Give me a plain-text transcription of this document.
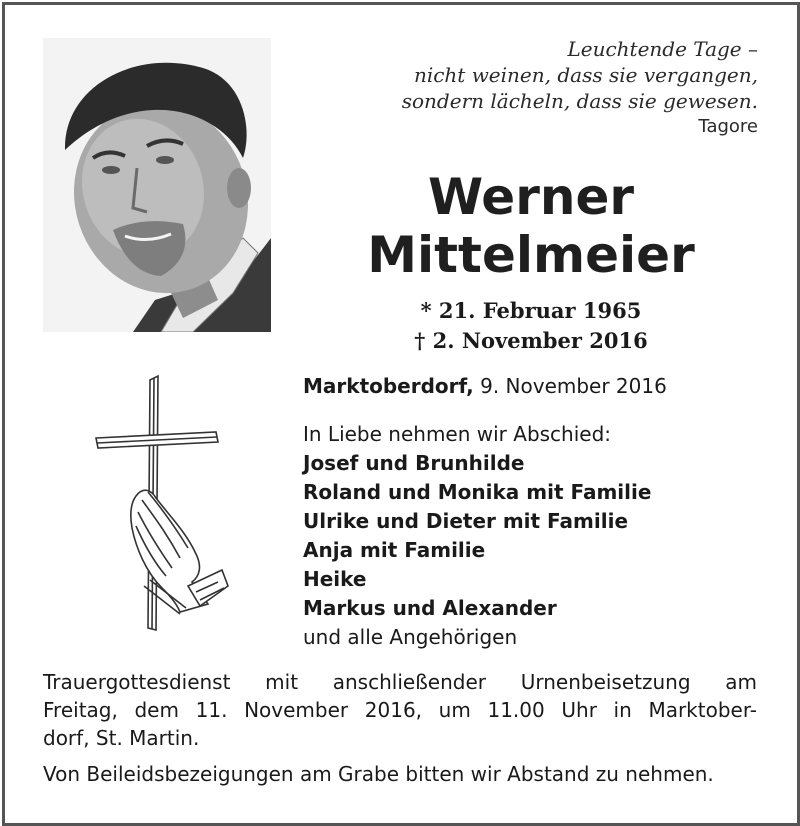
Leuchtende Tage –
nicht weinen, dass sie vergangen,
sondern lächeln, dass sie gewesen.
Tagore
Werner
Mittelmeier
* 21. Februar 1965
† 2. November 2016
Marktoberdorf, 9. November 2016
In Liebe nehmen wir Abschied:
Josef und Brunhilde
Roland und Monika mit Familie
Ulrike und Dieter mit Familie
Anja mit Familie
Heike
Markus und Alexander
und alle Angehörigen
Trauergottesdienst mit anschließender Urnenbeisetzung am
Freitag, dem 11. November 2016, um 11.00 Uhr in Marktober-
dorf, St. Martin.
Von Beileidsbezeigungen am Grabe bitten wir Abstand zu nehmen.
